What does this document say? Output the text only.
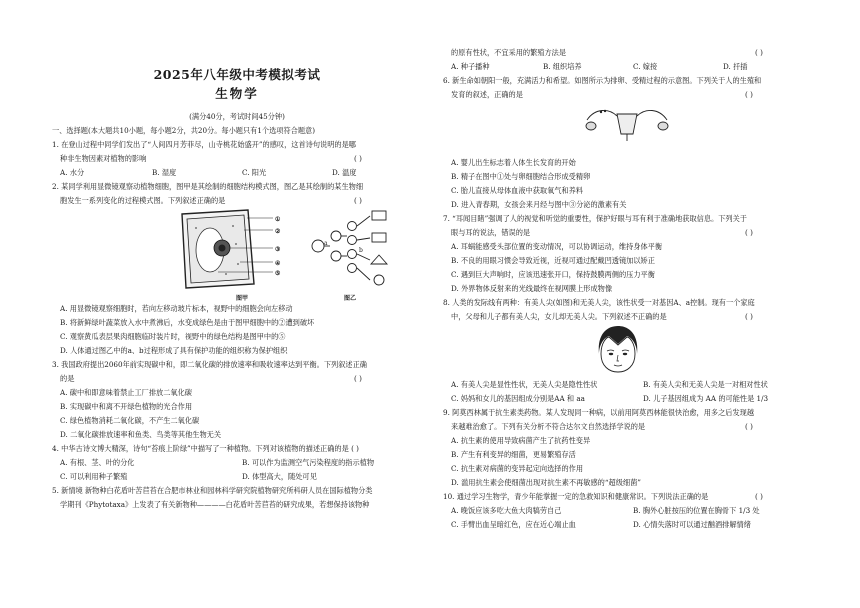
2025年八年级中考模拟考试
生物学
(满分40分，考试时间45分钟)
一、选择题(本大题共10小题，每小题2分，共20分。每小题只有1个选项符合题意)
1. 在登山过程中同学们发出了“人间四月芳菲尽，山寺桃花始盛开”的感叹，这首诗句说明的是哪
种非生物因素对植物的影响	( )
A. 水分	B. 湿度	C. 阳光	D. 温度
2. 某同学利用显微镜观察动植物细胞，图甲是其绘制的细胞结构模式图，图乙是其绘制的某生物细
胞发生一系列变化的过程模式图。下列叙述正确的是	( )
①
②
③
④
⑤
图甲
a
b
图乙
A. 用显微镜观察细胞时，若向左移动玻片标本，视野中的细胞会向左移动
B. 将新鲜绿叶蔬菜放入水中煮沸后，水变成绿色是由于图甲细胞中的②遭到破坏
C. 观察黄瓜表层果肉细胞临时装片时，视野中的绿色结构是图甲中的⑤
D. 人体通过图乙中的a、b过程形成了具有保护功能的组织称为保护组织
3. 我国政府提出2060年前实现碳中和，即二氧化碳的排放速率和吸收速率达到平衡。下列叙述正确
的是	( )
A. 碳中和即意味着禁止工厂排放二氧化碳
B. 实现碳中和离不开绿色植物的光合作用
C. 绿色植物消耗二氧化碳，不产生二氧化碳
D. 二氧化碳排放速率和鱼类、鸟类等其他生物无关
4. 中华古诗文博大精深，诗句“苔痕上阶绿”中描写了一种植物。下列对该植物的描述正确的是 ( )
A. 有根、茎、叶的分化	B. 可以作为监测空气污染程度的指示植物
C. 可以利用种子繁殖	D. 体型高大，随处可见
5. 新情境 新物种白花盾叶苦苣苔在合肥市林业和园林科学研究院植物研究所科研人员在国际植物分类
学期刊《Phytotaxa》上发表了有关新物种————白花盾叶苦苣苔的研究成果，若想保持该物种
的原有性状，不宜采用的繁殖方法是	( )
A. 种子播种	B. 组织培养	C. 嫁接	D. 扦插
6. 新生命如朝阳一般，充满活力和希望。如图所示为排卵、受精过程的示意图。下列关于人的生殖和
发育的叙述，正确的是	( )
A. 婴儿出生标志着人体生长发育的开始
B. 精子在图中①处与卵细胞结合形成受精卵
C. 胎儿直接从母体血液中获取氧气和养料
D. 进入青春期，女孩会来月经与图中③分泌的激素有关
7. “耳闻目睹”强调了人的视觉和听觉的重要性，保护好眼与耳有利于准确地获取信息。下列关于
眼与耳的说法，错误的是	( )
A. 耳蜗能感受头部位置的变动情况，可以协调运动，维持身体平衡
B. 不良的用眼习惯会导致近视，近视可通过配戴凹透镜加以矫正
C. 遇到巨大声响时，应该迅速张开口，保持鼓膜两侧的压力平衡
D. 外界物体反射来的光线最终在视网膜上形成物像
8. 人类的发际线有两种：有美人尖(如图)和无美人尖，该性状受一对基因A、a控制。现有一个家庭
中，父母和儿子都有美人尖，女儿却无美人尖。下列叙述不正确的是	( )
A. 有美人尖是显性性状，无美人尖是隐性性状	B. 有美人尖和无美人尖是一对相对性状
C. 妈妈和女儿的基因组成分别是AA 和 aa	D. 儿子基因组成为 AA 的可能性是 1/3
9. 阿莫西林属于抗生素类药物。某人发现同一种病，以前用阿莫西林能很快治愈，用多之后发现越
来越难治愈了。下列有关分析不符合达尔文自然选择学说的是	( )
A. 抗生素的使用导致病菌产生了抗药性变异
B. 产生有利变异的细菌，更易繁殖存活
C. 抗生素对病菌的变异起定向选择的作用
D. 滥用抗生素会使细菌出现对抗生素不再敏感的“超级细菌”
10. 通过学习生物学，青少年能掌握一定的急救知识和健康常识。下列说法正确的是	( )
A. 晚饭应该多吃大鱼大肉犒劳自己	B. 胸外心脏按压的位置在胸骨下 1/3 处
C. 手臂出血呈暗红色，应在近心端止血	D. 心情失落时可以通过酗酒排解情绪
